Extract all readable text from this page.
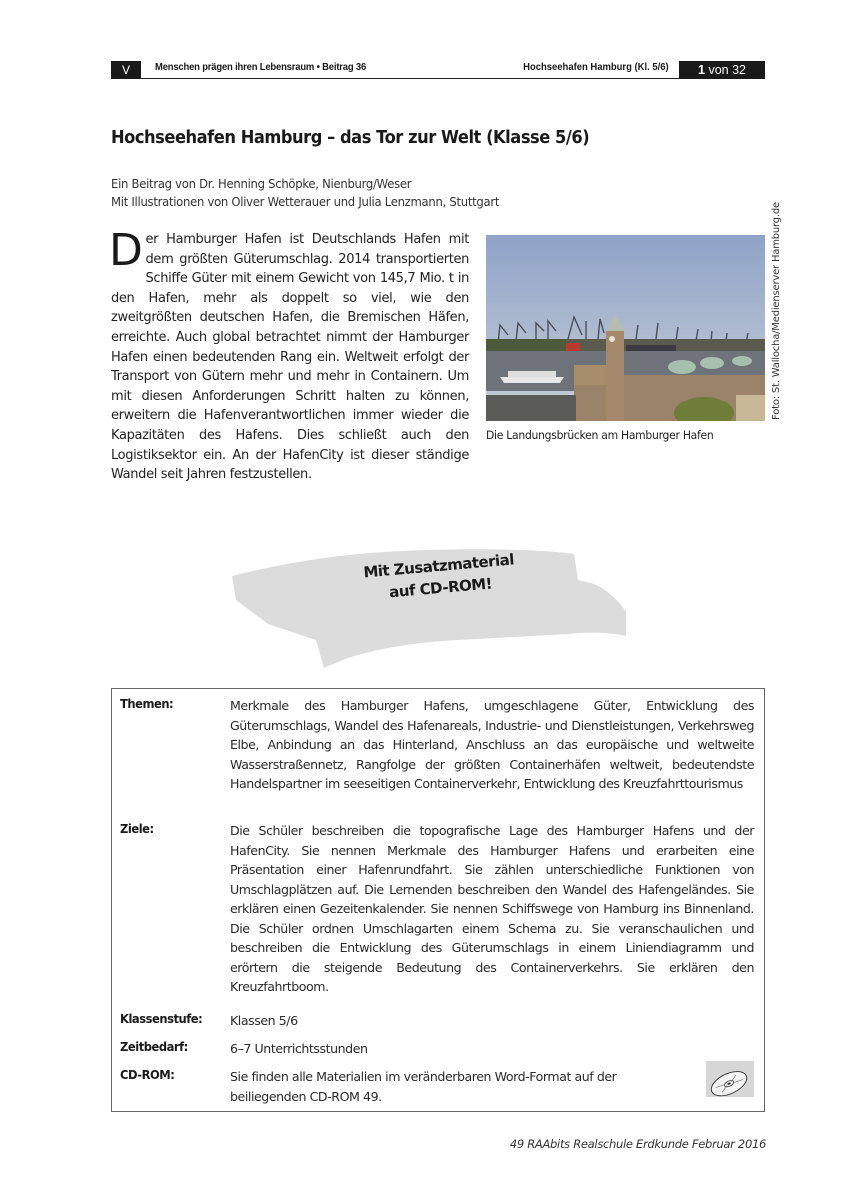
V	Menschen prägen ihren Lebensraum • Beitrag 36	Hochseehafen Hamburg (Kl. 5/6)	1 von 32
Hochseehafen Hamburg – das Tor zur Welt (Klasse 5/6)
Ein Beitrag von Dr. Henning Schöpke, Nienburg/Weser
Mit Illustrationen von Oliver Wetterauer und Julia Lenzmann, Stuttgart
Der Hamburger Hafen ist Deutschlands Hafen mit dem größten Güterumschlag. 2014 transportierten Schiffe Güter mit einem Gewicht von 145,7 Mio. t in den Hafen, mehr als doppelt so viel, wie den zweitgrößten deutschen Hafen, die Bremischen Häfen, erreichte. Auch global betrachtet nimmt der Hamburger Hafen einen bedeutenden Rang ein. Weltweit erfolgt der Transport von Gütern mehr und mehr in Containern. Um mit diesen Anforderungen Schritt halten zu können, erweitern die Hafenverantwortlichen immer wieder die Kapazitäten des Hafens. Dies schließt auch den Logistiksektor ein. An der HafenCity ist dieser ständige Wandel seit Jahren festzustellen.
Die Landungsbrücken am Hamburger Hafen
Foto: St. Wallocha/Medienserver Hamburg.de
Mit Zusatzmaterial
auf CD-ROM!
Themen:	Merkmale des Hamburger Hafens, umgeschlagene Güter, Entwicklung des Güterumschlags, Wandel des Hafenareals, Industrie- und Dienstleistungen, Verkehrsweg Elbe, Anbindung an das Hinterland, Anschluss an das europäische und weltweite Wasserstraßennetz, Rangfolge der größten Containerhäfen weltweit, bedeutendste Handelspartner im seeseitigen Containerverkehr, Entwicklung des Kreuzfahrttourismus
Ziele:	Die Schüler beschreiben die topografische Lage des Hamburger Hafens und der HafenCity. Sie nennen Merkmale des Hamburger Hafens und erarbeiten eine Präsentation einer Hafenrundfahrt. Sie zählen unterschiedliche Funktionen von Umschlagplätzen auf. Die Lernenden beschreiben den Wandel des Hafengeländes. Sie erklären einen Gezeitenkalender. Sie nennen Schiffswege von Hamburg ins Binnenland. Die Schüler ordnen Umschlagarten einem Schema zu. Sie veranschaulichen und beschreiben die Entwicklung des Güterumschlags in einem Liniendiagramm und erörtern die steigende Bedeutung des Containerverkehrs. Sie erklären den Kreuzfahrtboom.
Klassenstufe: Klassen 5/6
Zeitbedarf:	6–7 Unterrichtsstunden
CD-ROM:	Sie finden alle Materialien im veränderbaren Word-Format auf der beiliegenden CD-ROM 49.
49 RAAbits Realschule Erdkunde Februar 2016
